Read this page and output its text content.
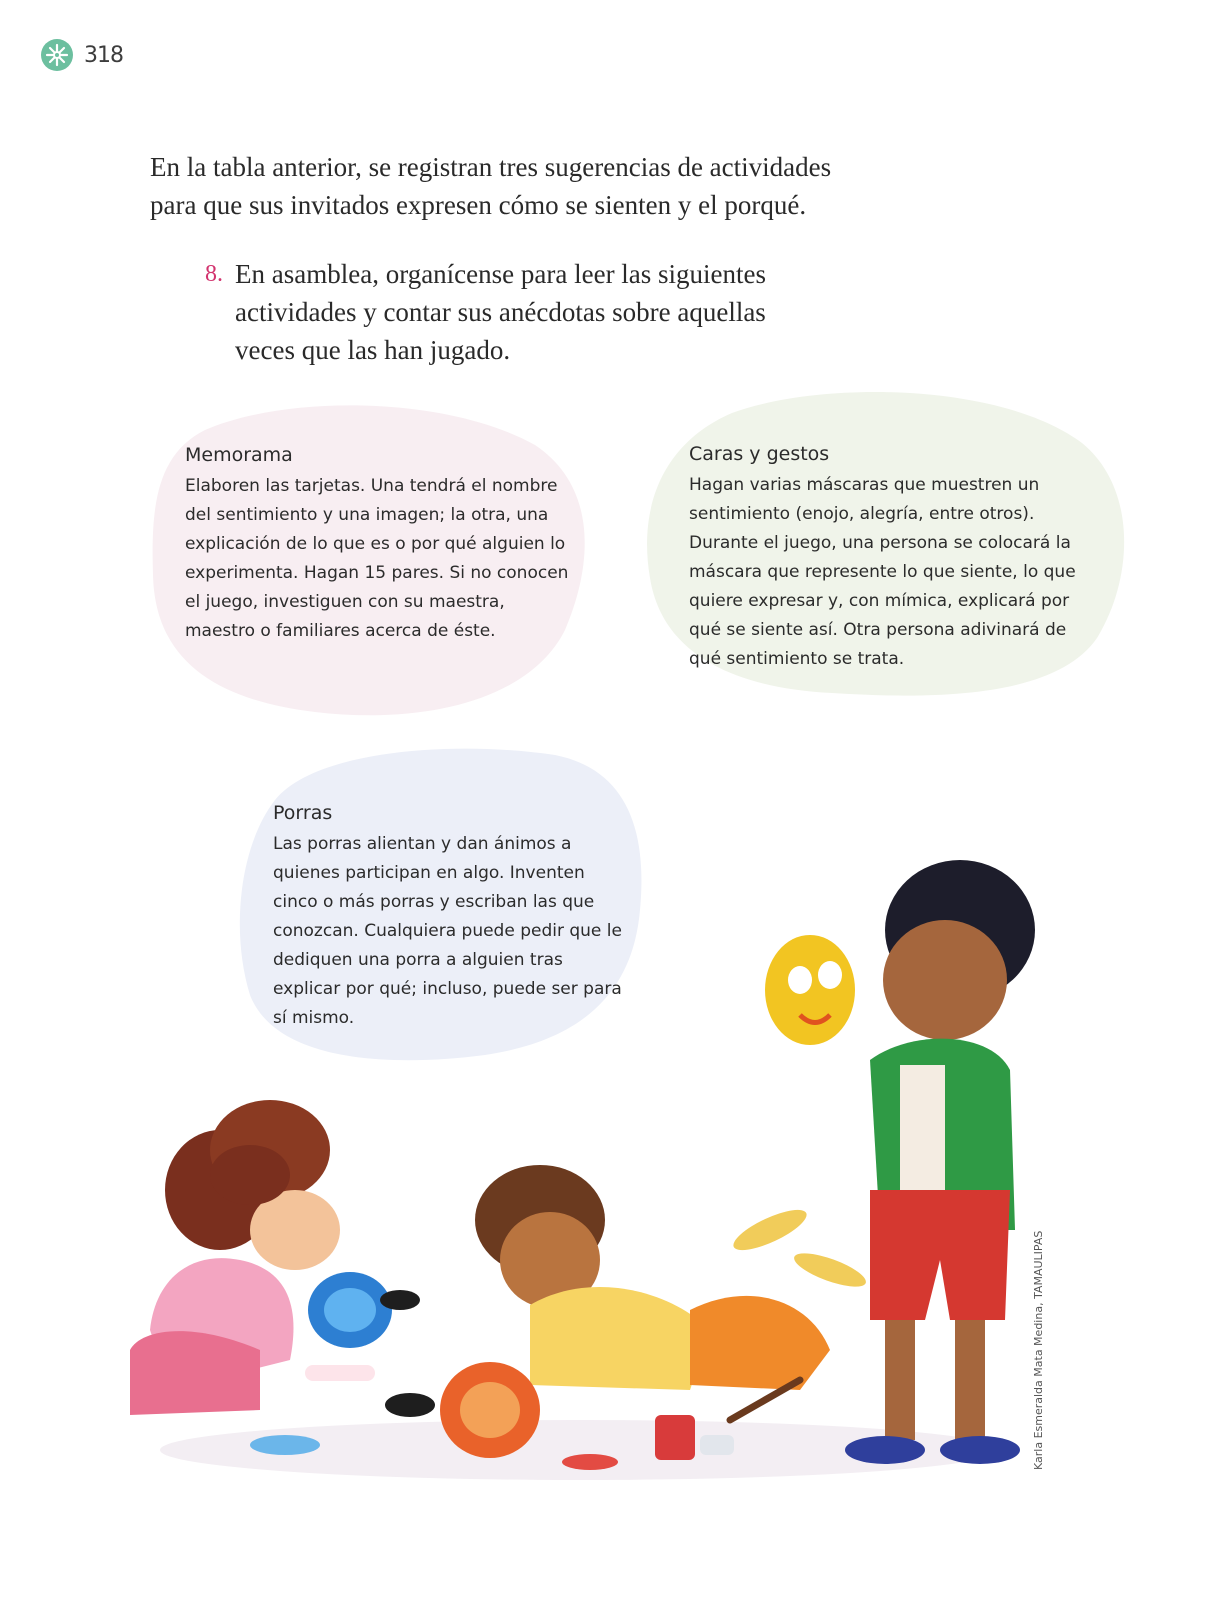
318

En la tabla anterior, se registran tres sugerencias de actividades para que sus invitados expresen cómo se sienten y el porqué.

8. En asamblea, organícense para leer las siguientes actividades y contar sus anécdotas sobre aquellas veces que las han jugado.

Memorama

Elaboren las tarjetas. Una tendrá el nombre del sentimiento y una imagen; la otra, una explicación de lo que es o por qué alguien lo experimenta. Hagan 15 pares. Si no conocen el juego, investiguen con su maestra, maestro o familiares acerca de éste.

Caras y gestos

Hagan varias máscaras que muestren un sentimiento (enojo, alegría, entre otros). Durante el juego, una persona se colocará la máscara que represente lo que siente, lo que quiere expresar y, con mímica, explicará por qué se siente así. Otra persona adivinará de qué sentimiento se trata.

Porras

Las porras alientan y dan ánimos a quienes participan en algo. Inventen cinco o más porras y escriban las que conozcan. Cualquiera puede pedir que le dediquen una porra a alguien tras explicar por qué; incluso, puede ser para sí mismo.

Karla Esmeralda Mata Medina, TAMAULIPAS
